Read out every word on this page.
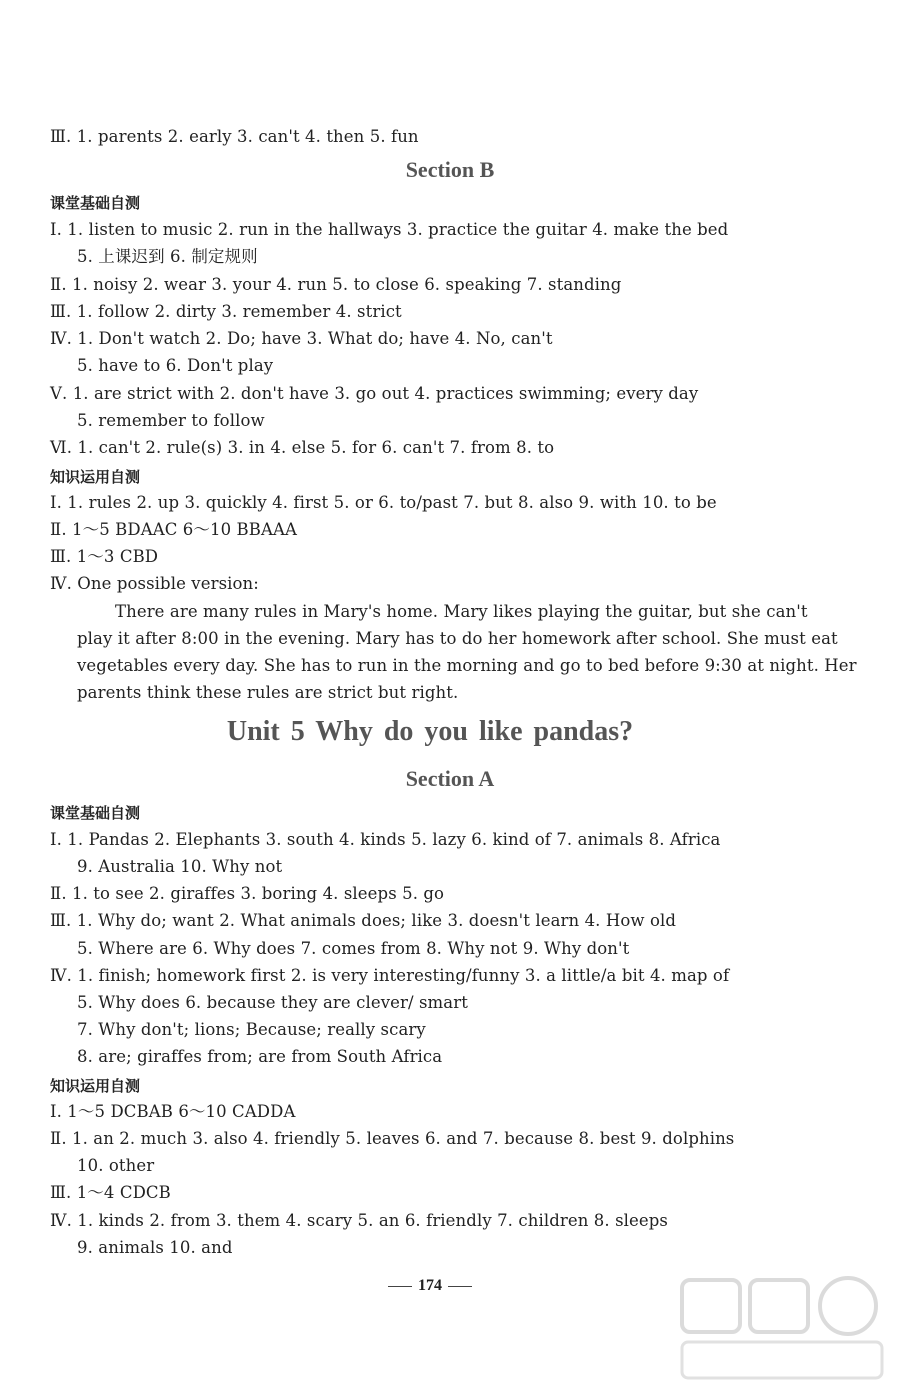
Ⅲ. 1. parents 2. early 3. can't 4. then 5. fun
Section B
课堂基础自测
Ⅰ. 1. listen to music 2. run in the hallways 3. practice the guitar 4. make the bed
5. 上课迟到 6. 制定规则
Ⅱ. 1. noisy 2. wear 3. your 4. run 5. to close 6. speaking 7. standing
Ⅲ. 1. follow 2. dirty 3. remember 4. strict
Ⅳ. 1. Don't watch 2. Do; have 3. What do; have 4. No, can't
5. have to 6. Don't play
Ⅴ. 1. are strict with 2. don't have 3. go out 4. practices swimming; every day
5. remember to follow
Ⅵ. 1. can't 2. rule(s) 3. in 4. else 5. for 6. can't 7. from 8. to
知识运用自测
Ⅰ. 1. rules 2. up 3. quickly 4. first 5. or 6. to/past 7. but 8. also 9. with 10. to be
Ⅱ. 1～5 BDAAC 6～10 BBAAA
Ⅲ. 1～3 CBD
Ⅳ. One possible version:
There are many rules in Mary's home. Mary likes playing the guitar, but she can't
play it after 8:00 in the evening. Mary has to do her homework after school. She must eat
vegetables every day. She has to run in the morning and go to bed before 9:30 at night. Her
parents think these rules are strict but right.
Unit 5 Why do you like pandas?
Section A
课堂基础自测
Ⅰ. 1. Pandas 2. Elephants 3. south 4. kinds 5. lazy 6. kind of 7. animals 8. Africa
9. Australia 10. Why not
Ⅱ. 1. to see 2. giraffes 3. boring 4. sleeps 5. go
Ⅲ. 1. Why do; want 2. What animals does; like 3. doesn't learn 4. How old
5. Where are 6. Why does 7. comes from 8. Why not 9. Why don't
Ⅳ. 1. finish; homework first 2. is very interesting/funny 3. a little/a bit 4. map of
5. Why does 6. because they are clever/ smart
7. Why don't; lions; Because; really scary
8. are; giraffes from; are from South Africa
知识运用自测
Ⅰ. 1～5 DCBAB 6～10 CADDA
Ⅱ. 1. an 2. much 3. also 4. friendly 5. leaves 6. and 7. because 8. best 9. dolphins
10. other
Ⅲ. 1～4 CDCB
Ⅳ. 1. kinds 2. from 3. them 4. scary 5. an 6. friendly 7. children 8. sleeps
9. animals 10. and
174
